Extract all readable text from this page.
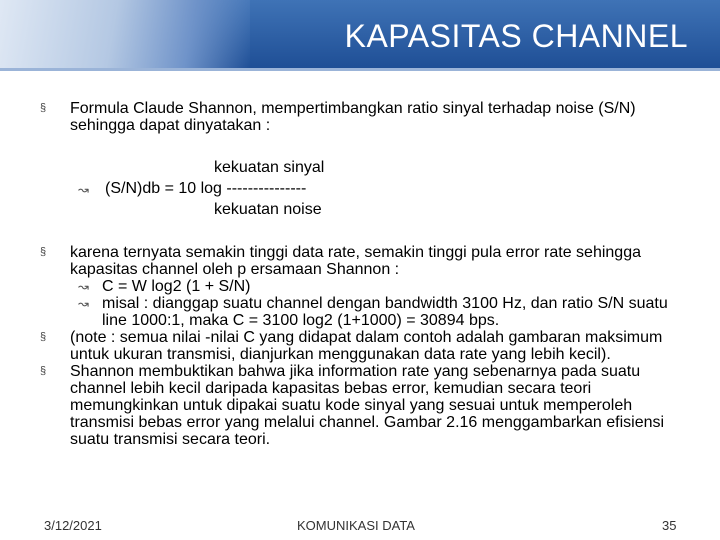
KAPASITAS CHANNEL
§ Formula Claude Shannon, mempertimbangkan ratio sinyal terhadap noise (S/N) sehingga dapat dinyatakan :
kekuatan sinyal
↝ (S/N)db = 10 log ---------------
kekuatan noise
§ karena ternyata semakin tinggi data rate, semakin tinggi pula error rate sehingga kapasitas channel oleh p ersamaan Shannon :
↝ C = W log2 (1 + S/N)
↝ misal : dianggap suatu channel dengan bandwidth 3100 Hz, dan ratio S/N suatu line 1000:1, maka C = 3100 log2 (1+1000) = 30894 bps.
§ (note : semua nilai -nilai C yang didapat dalam contoh adalah gambaran maksimum untuk ukuran transmisi, dianjurkan menggunakan data rate yang lebih kecil).
§ Shannon membuktikan bahwa jika information rate yang sebenarnya pada suatu channel lebih kecil daripada kapasitas bebas error, kemudian secara teori memungkinkan untuk dipakai suatu kode sinyal yang sesuai untuk memperoleh transmisi bebas error yang melalui channel. Gambar 2.16 menggambarkan efisiensi suatu transmisi secara teori.
3/12/2021	KOMUNIKASI DATA	35
